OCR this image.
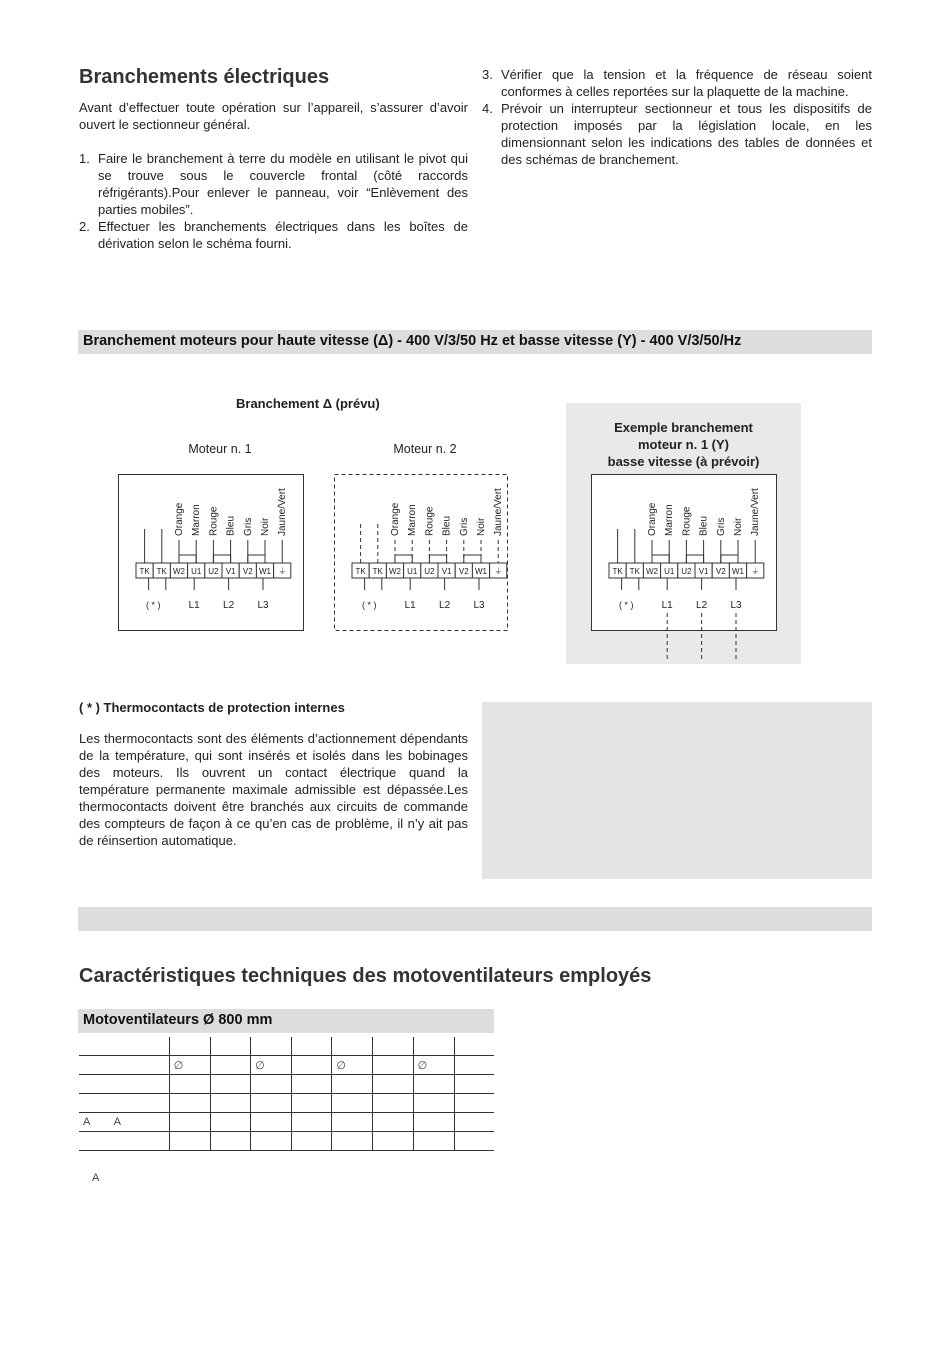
Branchements électriques
Avant d’effectuer toute opération sur l’appareil, s’assurer d’avoir ouvert le sectionneur général.
1. Faire le branchement à terre du modèle en utilisant le pivot qui se trouve sous le couvercle frontal (côté raccords réfrigérants).Pour enlever le panneau, voir “Enlèvement des parties mobiles”.
2. Effectuer les branchements électriques dans les boîtes de dérivation selon le schéma fourni.
3. Vérifier que la tension et la fréquence de réseau soient conformes à celles reportées sur la plaquette de la machine.
4. Prévoir un interrupteur sectionneur et tous les dispositifs de protection imposés par la législation locale, en les dimensionnant selon les indications des tables de données et des schémas de branchement.
Branchement moteurs pour haute vitesse (Δ) - 400 V/3/50 Hz et basse vitesse (Y) - 400 V/3/50/Hz
Branchement Δ (prévu)
Moteur n. 1	Moteur n. 2
Exemple branchement
moteur n. 1 (Y)
basse vitesse (à prévoir)
TK TK W2 U1 U2 V1 V2 W1 ⏚
Orange Marron Rouge Bleu Gris Noir Jaune/Vert
( * )	L1 L2 L3
TK TK W2 U1 U2 V1 V2 W1 ⏚
Orange Marron Rouge Bleu Gris Noir Jaune/Vert
( * )	L1 L2 L3
TK TK W2 U1 U2 V1 V2 W1 ⏚
Orange Marron Rouge Bleu Gris Noir Jaune/Vert
( * )	L1 L2 L3
( * ) Thermocontacts de protection internes
Les thermocontacts sont des éléments d’actionnement dépendants de la température, qui sont insérés et isolés dans les bobinages des moteurs. Ils ouvrent un contact électrique quand la température permanente maximale admissible est dépassée.Les thermocontacts doivent être branchés aux circuits de commande des compteurs de façon à ce qu’en cas de problème, il n’y ait pas de réinsertion automatique.
Caractéristiques techniques des motoventilateurs employés
Motoventilateurs Ø 800 mm

	∅		∅		∅		∅	

A        A								

A
